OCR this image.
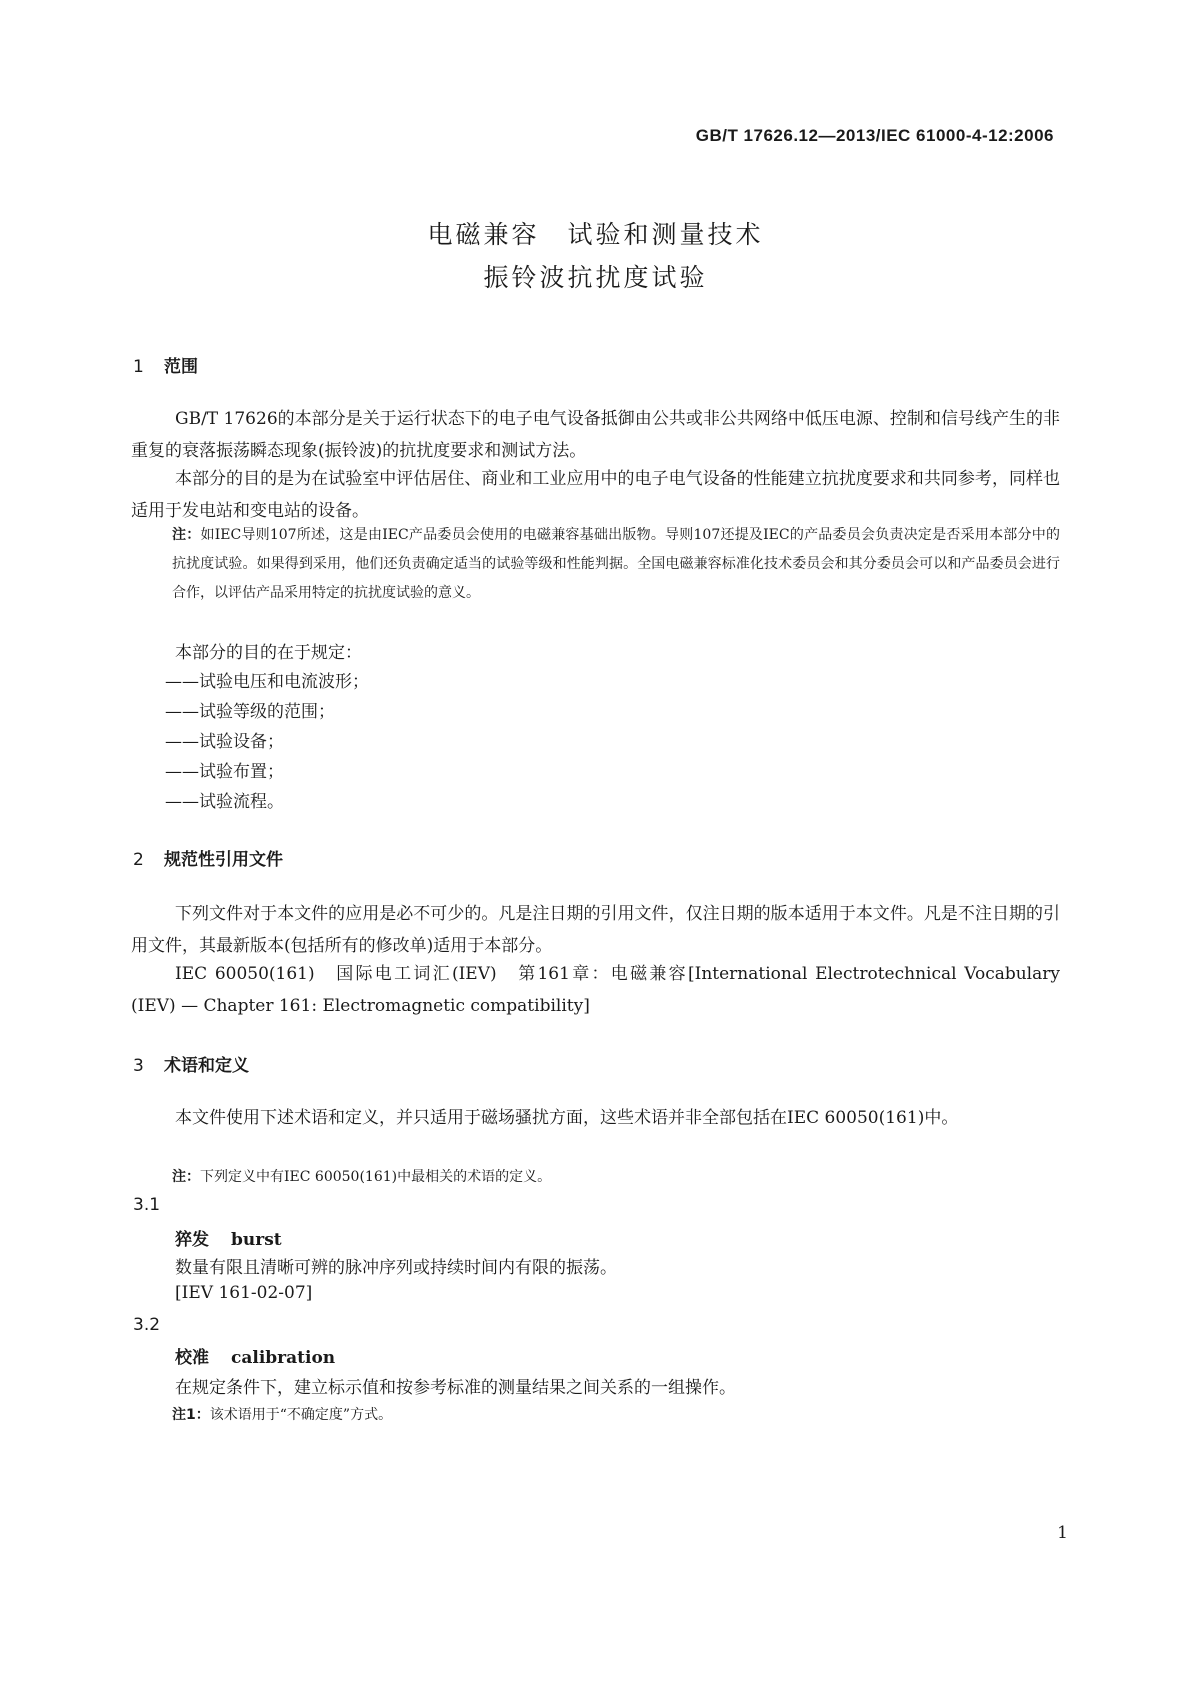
GB/T 17626.12—2013/IEC 61000-4-12:2006
电磁兼容　试验和测量技术
振铃波抗扰度试验
1 范围
GB/T 17626的本部分是关于运行状态下的电子电气设备抵御由公共或非公共网络中低压电源、控制和信号线产生的非重复的衰落振荡瞬态现象(振铃波)的抗扰度要求和测试方法。
本部分的目的是为在试验室中评估居住、商业和工业应用中的电子电气设备的性能建立抗扰度要求和共同参考，同样也适用于发电站和变电站的设备。
注：如IEC导则107所述，这是由IEC产品委员会使用的电磁兼容基础出版物。导则107还提及IEC的产品委员会负责决定是否采用本部分中的抗扰度试验。如果得到采用，他们还负责确定适当的试验等级和性能判据。全国电磁兼容标准化技术委员会和其分委员会可以和产品委员会进行合作，以评估产品采用特定的抗扰度试验的意义。
本部分的目的在于规定：
——试验电压和电流波形；
——试验等级的范围；
——试验设备；
——试验布置；
——试验流程。
2 规范性引用文件
下列文件对于本文件的应用是必不可少的。凡是注日期的引用文件，仅注日期的版本适用于本文件。凡是不注日期的引用文件，其最新版本(包括所有的修改单)适用于本部分。
IEC 60050(161)　国际电工词汇(IEV)　第161章：电磁兼容[International Electrotechnical Vocabulary (IEV) — Chapter 161: Electromagnetic compatibility]
3 术语和定义
本文件使用下述术语和定义，并只适用于磁场骚扰方面，这些术语并非全部包括在IEC 60050(161)中。
注：下列定义中有IEC 60050(161)中最相关的术语的定义。
3.1
猝发 burst
数量有限且清晰可辨的脉冲序列或持续时间内有限的振荡。
[IEV 161-02-07]
3.2
校准 calibration
在规定条件下，建立标示值和按参考标准的测量结果之间关系的一组操作。
注1：该术语用于“不确定度”方式。
1
